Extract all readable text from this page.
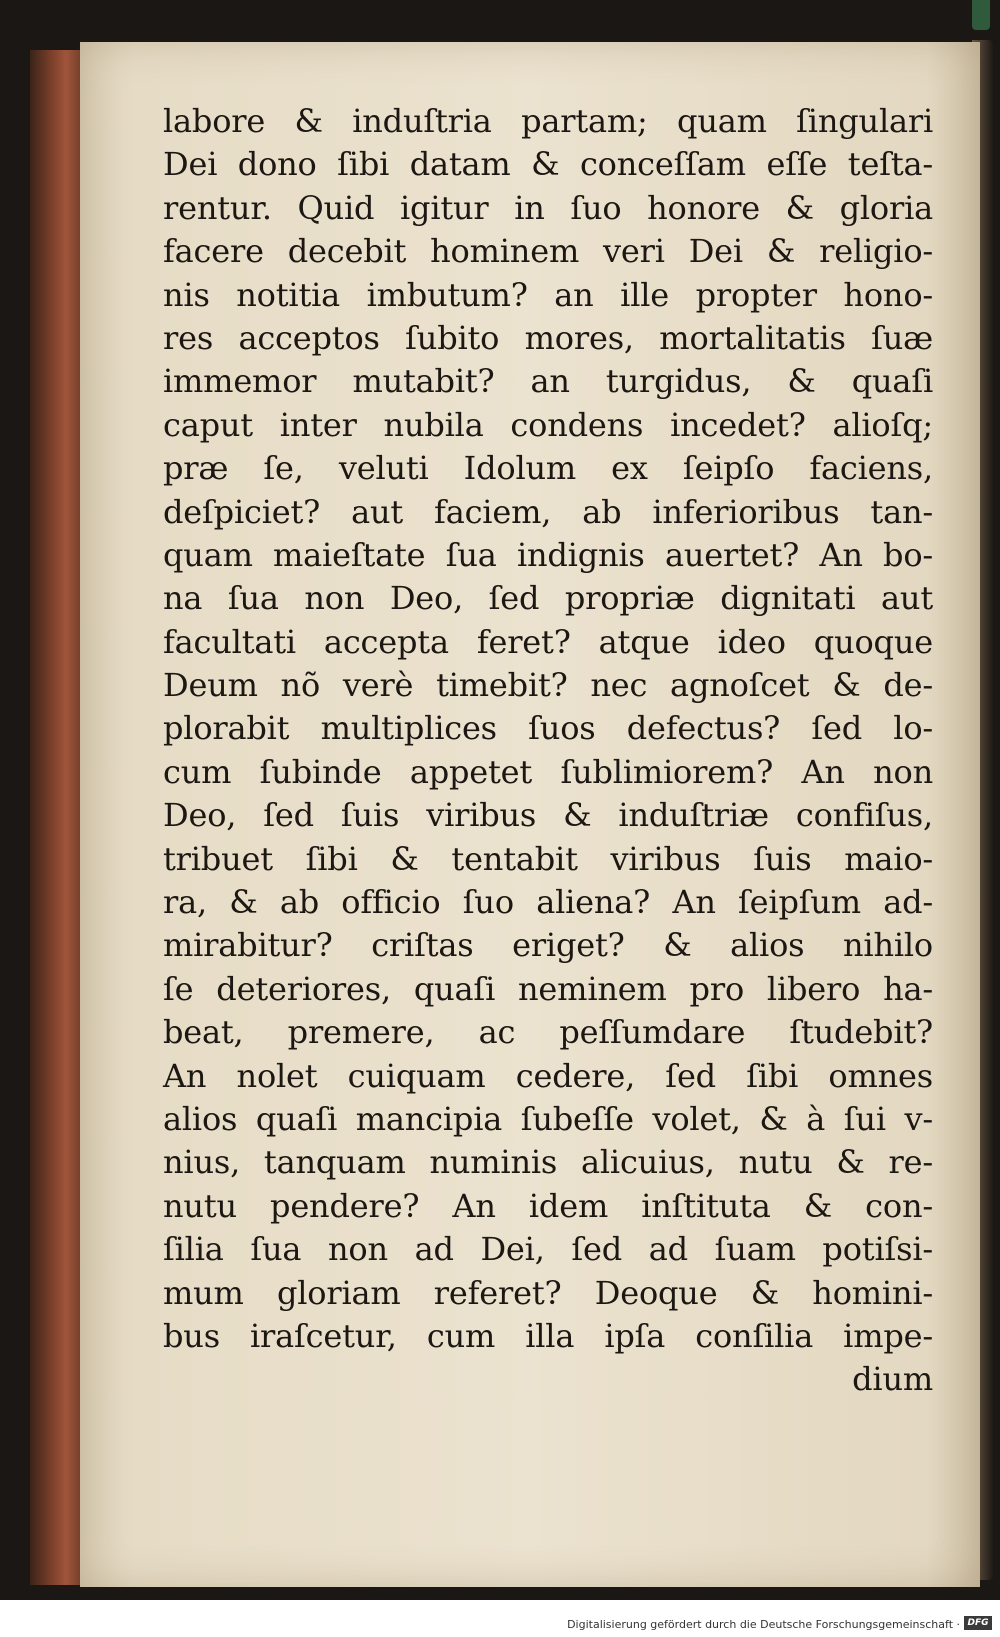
labore & induſtria partam; quam ſingulari
Dei dono ſibi datam & conceſſam eſſe teſta-
rentur. Quid igitur in ſuo honore & gloria
facere decebit hominem veri Dei & religio-
nis notitia imbutum? an ille propter hono-
res acceptos ſubito mores, mortalitatis ſuæ
immemor mutabit? an turgidus, & quaſi
caput inter nubila condens incedet? alioſq;
præ ſe, veluti Idolum ex ſeipſo faciens,
deſpiciet? aut faciem, ab inferioribus tan-
quam maieſtate ſua indignis auertet? An bo-
na ſua non Deo, ſed propriæ dignitati aut
facultati accepta feret? atque ideo quoque
Deum nõ verè timebit? nec agnoſcet & de-
plorabit multiplices ſuos defectus? ſed lo-
cum ſubinde appetet ſublimiorem? An non
Deo, ſed ſuis viribus & induſtriæ confiſus,
tribuet ſibi & tentabit viribus ſuis maio-
ra, & ab officio ſuo aliena? An ſeipſum ad-
mirabitur? criſtas eriget? & alios nihilo
ſe deteriores, quaſi neminem pro libero ha-
beat, premere, ac peſſumdare ſtudebit?
An nolet cuiquam cedere, ſed ſibi omnes
alios quaſi mancipia ſubeſſe volet, & à ſui v-
nius, tanquam numinis alicuius, nutu & re-
nutu pendere? An idem inſtituta & con-
ſilia ſua non ad Dei, ſed ad ſuam potiſsi-
mum gloriam referet? Deoque & homini-
bus iraſcetur, cum illa ipſa conſilia impe-
dium
Digitalisierung gefördert durch die Deutsche Forschungsgemeinschaft · DFG
